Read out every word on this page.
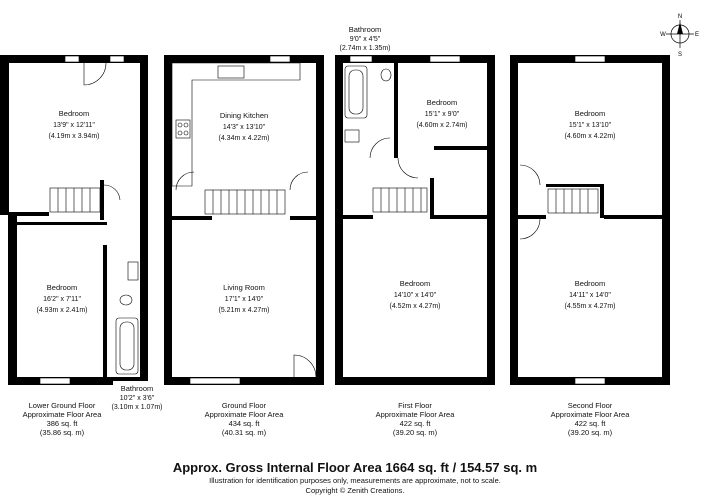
Bedroom
13'9" x 12'11"
(4.19m x 3.94m)
Bedroom
16'2" x 7'11"
(4.93m x 2.41m)
Bathroom
10'2" x 3'6"
(3.10m x 1.07m)
Lower Ground Floor
Approximate Floor Area
386 sq. ft
(35.86 sq. m)
Dining Kitchen
14'3" x 13'10"
(4.34m x 4.22m)
Living Room
17'1" x 14'0"
(5.21m x 4.27m)
Ground Floor
Approximate Floor Area
434 sq. ft
(40.31 sq. m)
Bathroom
9'0" x 4'5"
(2.74m x 1.35m)
Bedroom
15'1" x 9'0"
(4.60m x 2.74m)
Bedroom
14'10" x 14'0"
(4.52m x 4.27m)
First Floor
Approximate Floor Area
422 sq. ft
(39.20 sq. m)
Bedroom
15'1" x 13'10"
(4.60m x 4.22m)
Bedroom
14'11" x 14'0"
(4.55m x 4.27m)
Second Floor
Approximate Floor Area
422 sq. ft
(39.20 sq. m)
N
S
E
W
Approx. Gross Internal Floor Area 1664 sq. ft / 154.57 sq. m
Illustration for identification purposes only, measurements are approximate, not to scale.
Copyright © Zenith Creations.
